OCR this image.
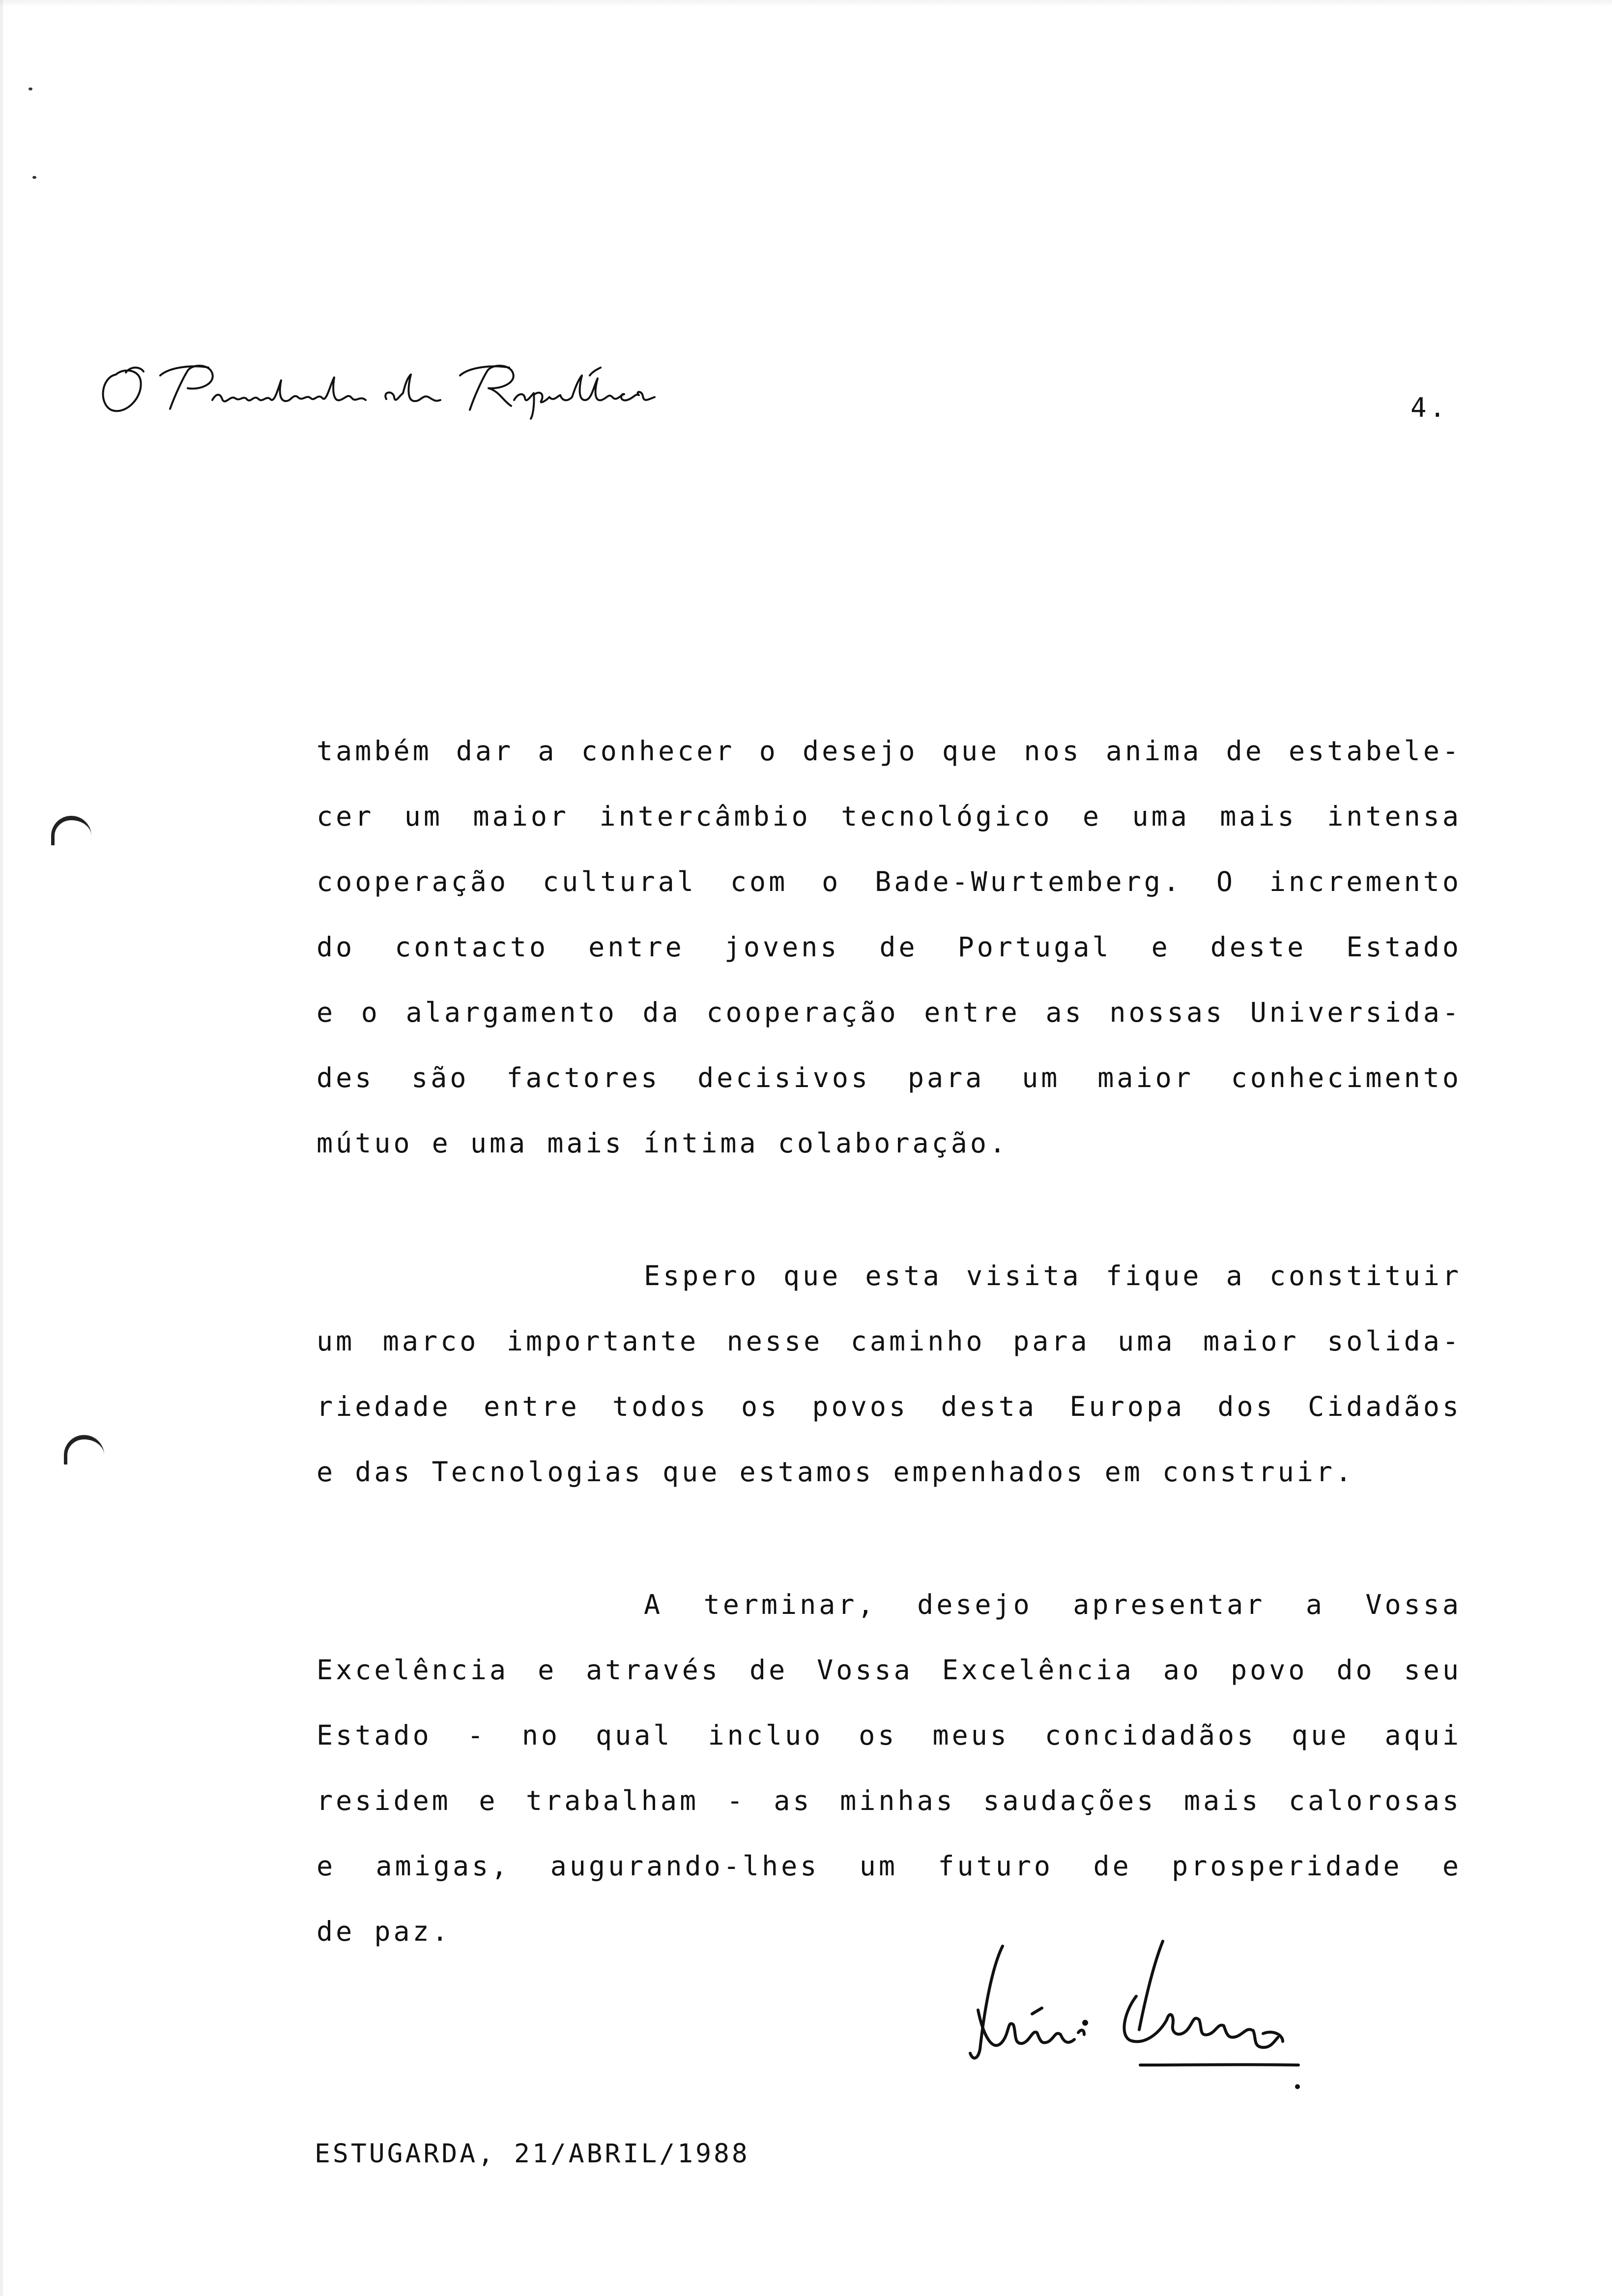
4.
também dar a conhecer o desejo que nos anima de estabele-
cer um maior intercâmbio tecnológico e uma mais intensa
cooperação cultural com o Bade-Wurtemberg. O incremento
do contacto entre jovens de Portugal e deste Estado
e o alargamento da cooperação entre as nossas Universida-
des são factores decisivos para um maior conhecimento
mútuo e uma mais íntima colaboração.
Espero que esta visita fique a constituir
um marco importante nesse caminho para uma maior solida-
riedade entre todos os povos desta Europa dos Cidadãos
e das Tecnologias que estamos empenhados em construir.
A terminar, desejo apresentar a Vossa
Excelência e através de Vossa Excelência ao povo do seu
Estado - no qual incluo os meus concidadãos que aqui
residem e trabalham - as minhas saudações mais calorosas
e amigas, augurando-lhes um futuro de prosperidade e
de paz.
ESTUGARDA, 21/ABRIL/1988
